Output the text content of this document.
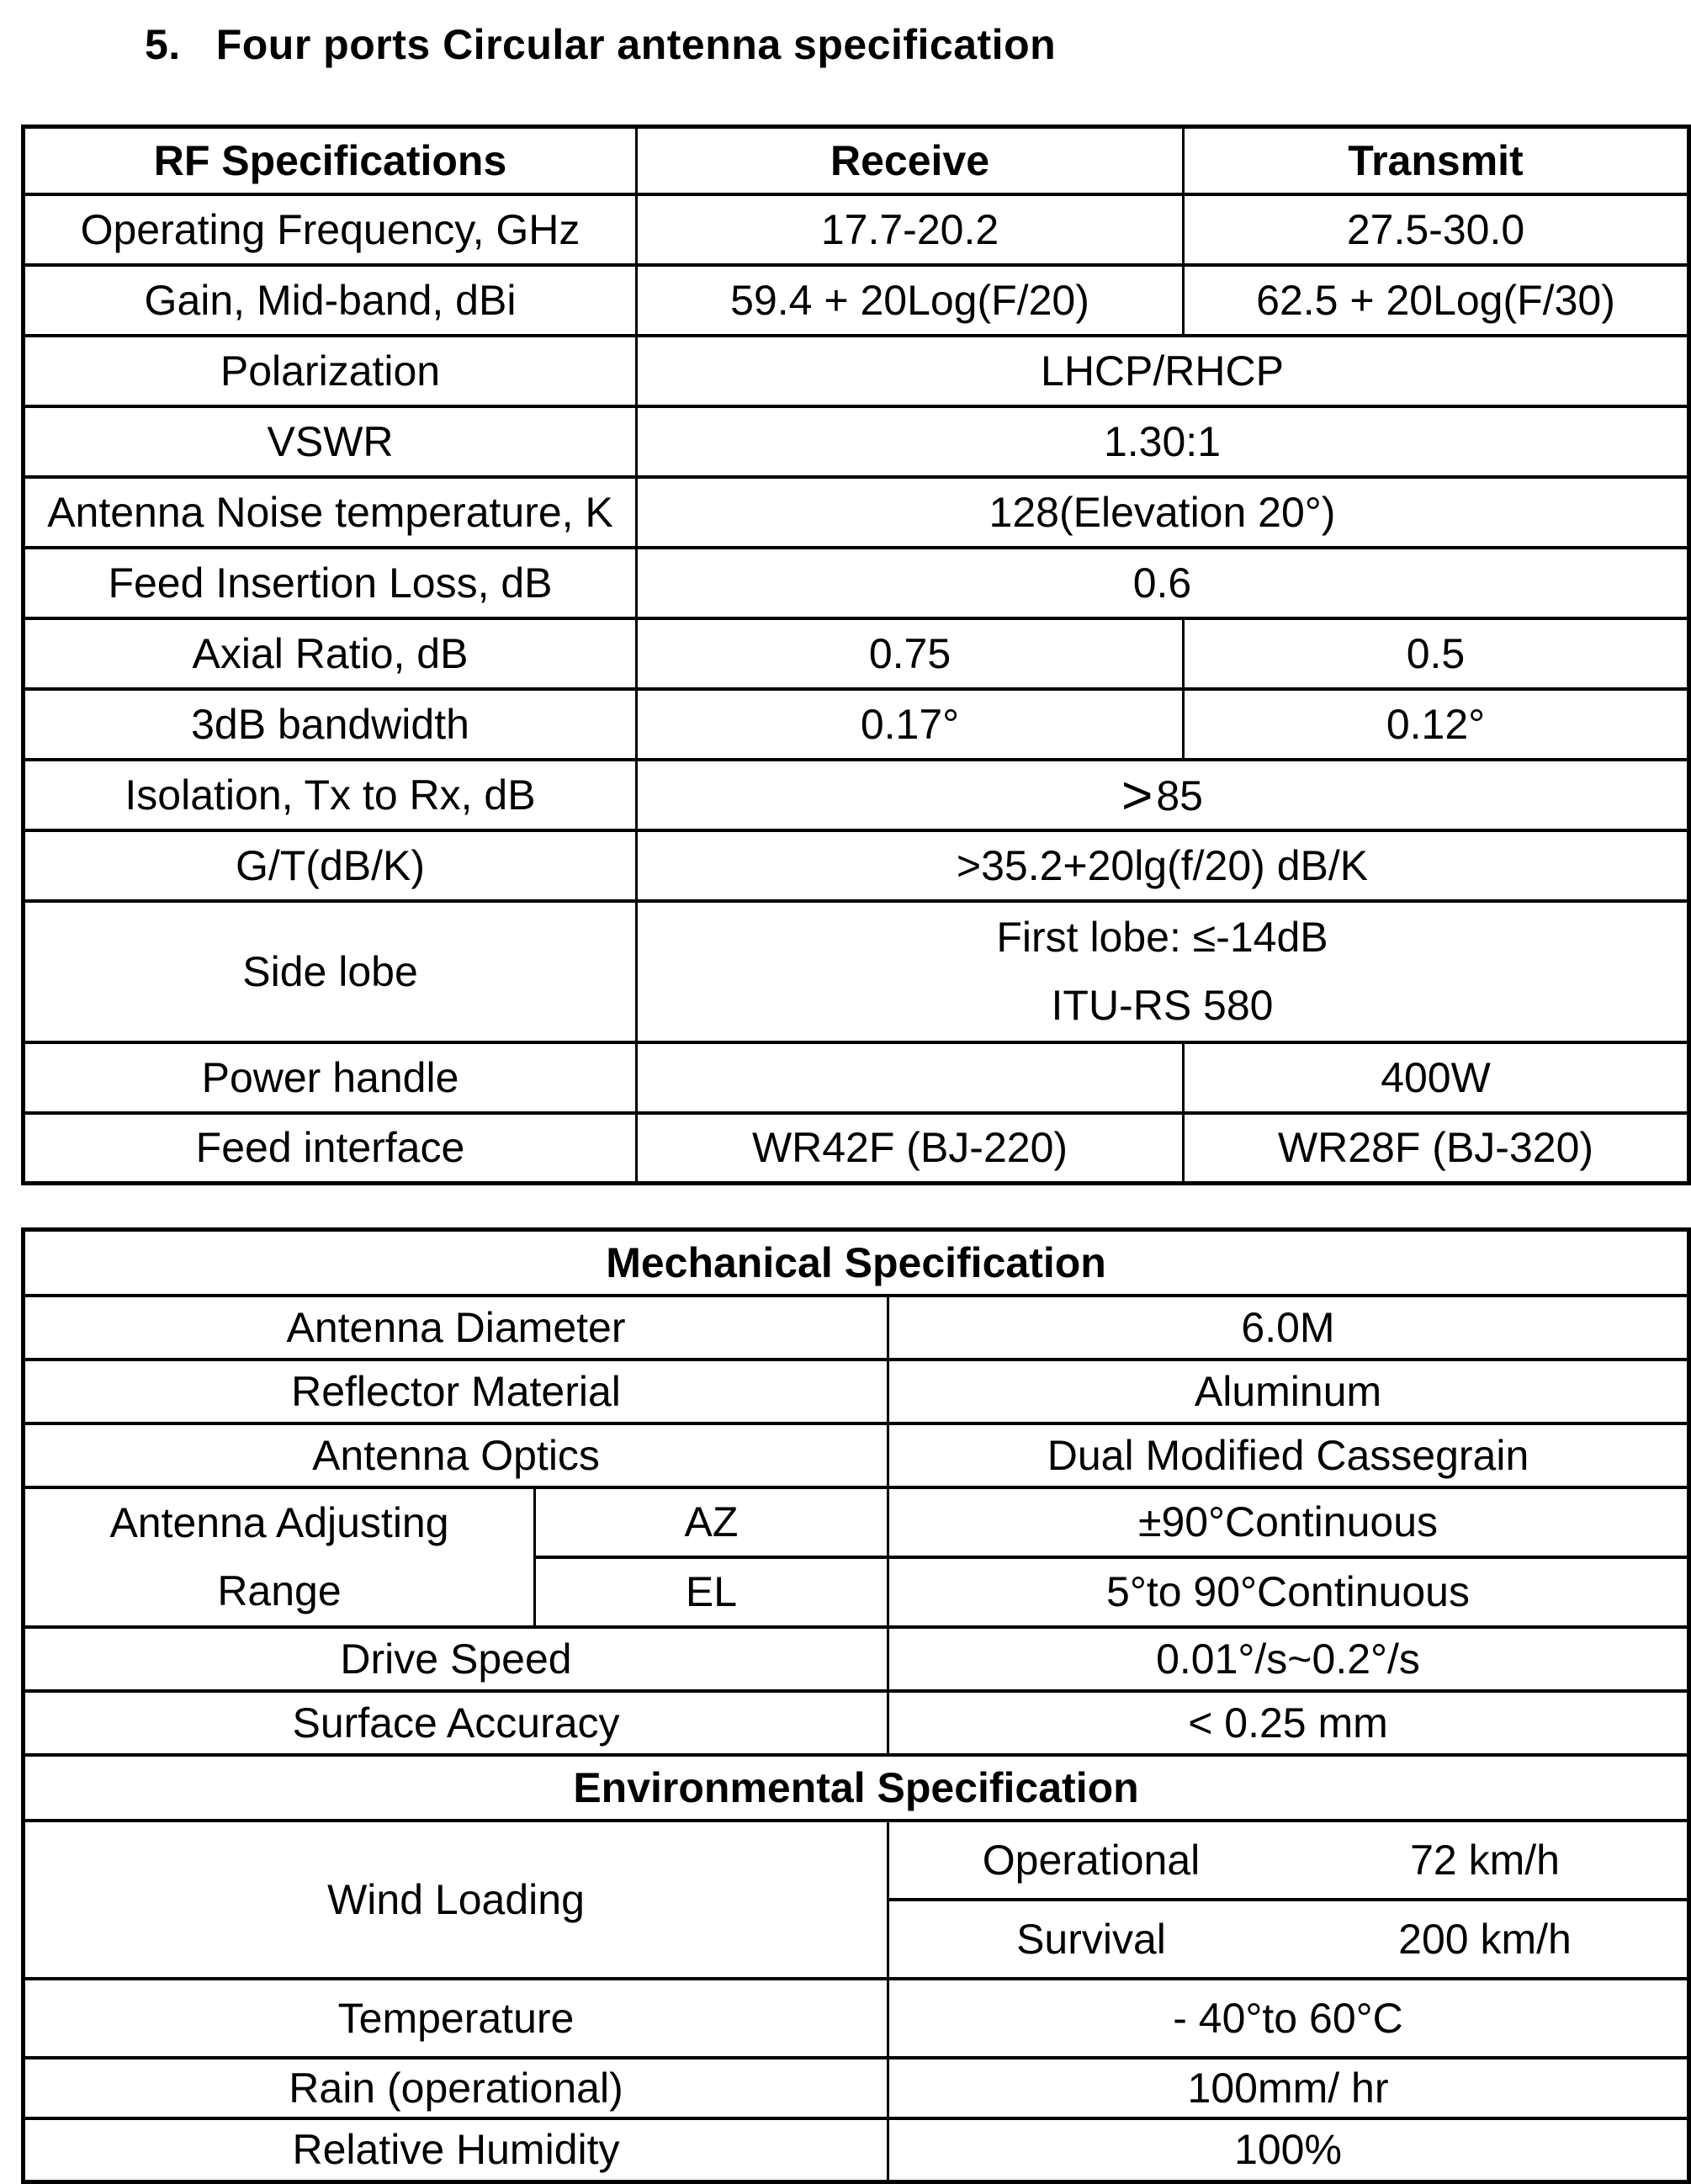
5. Four ports Circular antenna specification
RF Specifications	Receive	Transmit
Operating Frequency, GHz	17.7-20.2	27.5-30.0
Gain, Mid-band, dBi	59.4 + 20Log(F/20)	62.5 + 20Log(F/30)
Polarization	LHCP/RHCP	
VSWR	1.30:1	
Antenna Noise temperature, K	128(Elevation 20°)	
Feed Insertion Loss, dB	0.6	
Axial Ratio, dB	0.75	0.5
3dB bandwidth	0.17°	0.12°
Isolation, Tx to Rx, dB	>85	
G/T(dB/K)	>35.2+20lg(f/20) dB/K	
Side lobe	First lobe: ≤-14dB
ITU-RS 580	

Power handle		400W
Feed interface	WR42F (BJ-220)	WR28F (BJ-320)
Mechanical Specification		
Antenna Diameter		6.0M
Reflector Material		Aluminum
Antenna Optics		Dual Modified Cassegrain

Antenna Adjusting
Range	AZ	±90°Continuous
	EL	5°to 90°Continuous
Drive Speed		0.01°/s~0.2°/s
Surface Accuracy		< 0.25 mm
Environmental Specification		
Wind Loading		Operational 72 km/h

		Survival 200 km/h

Temperature		- 40°to 60°C
Rain (operational)		100mm/ hr
Relative Humidity		100%
